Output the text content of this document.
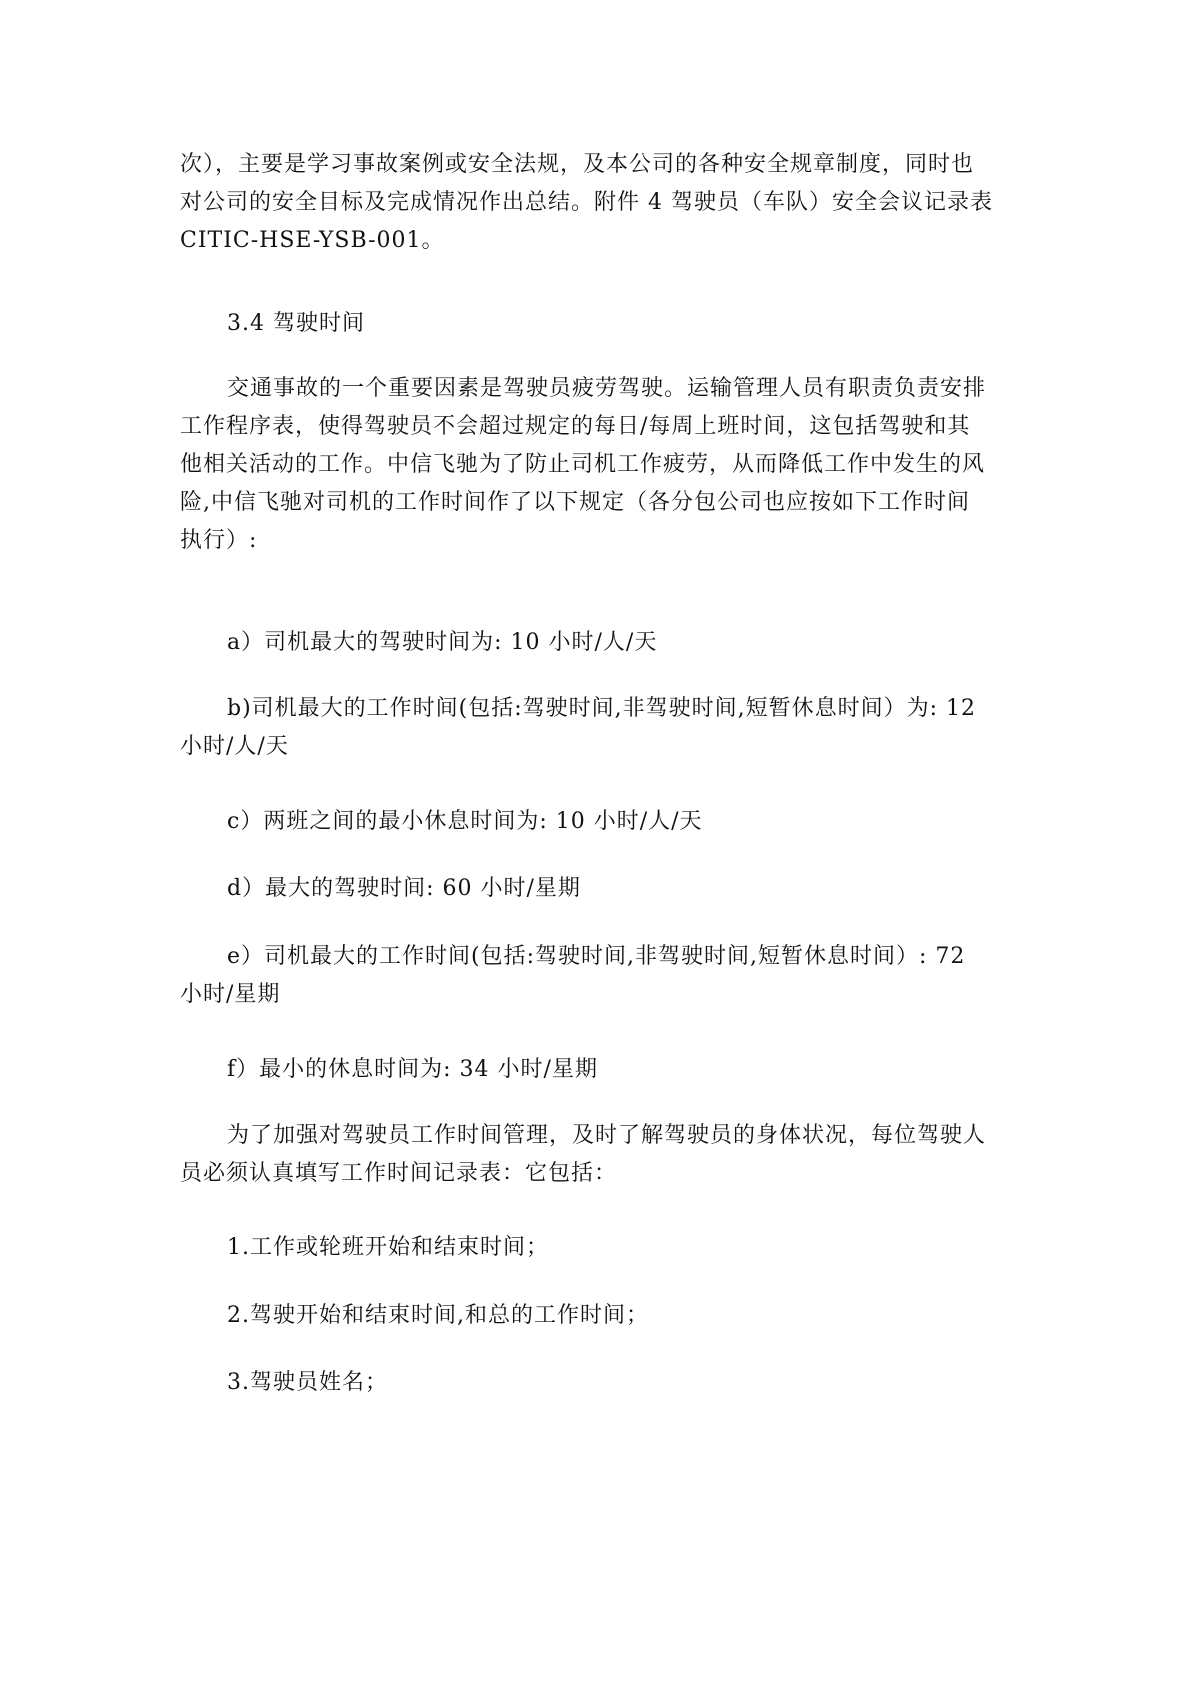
次），主要是学习事故案例或安全法规，及本公司的各种安全规章制度，同时也
对公司的安全目标及完成情况作出总结。附件 4 驾驶员（车队）安全会议记录表
CITIC-HSE-YSB-001。

3.4 驾驶时间

交通事故的一个重要因素是驾驶员疲劳驾驶。运输管理人员有职责负责安排
工作程序表，使得驾驶员不会超过规定的每日/每周上班时间，这包括驾驶和其
他相关活动的工作。中信飞驰为了防止司机工作疲劳，从而降低工作中发生的风
险,中信飞驰对司机的工作时间作了以下规定（各分包公司也应按如下工作时间
执行）:

a）司机最大的驾驶时间为: 10 小时/人/天

b)司机最大的工作时间(包括:驾驶时间,非驾驶时间,短暂休息时间）为: 12
小时/人/天

c）两班之间的最小休息时间为: 10 小时/人/天

d）最大的驾驶时间: 60 小时/星期

e）司机最大的工作时间(包括:驾驶时间,非驾驶时间,短暂休息时间）: 72
小时/星期

f）最小的休息时间为: 34 小时/星期

为了加强对驾驶员工作时间管理，及时了解驾驶员的身体状况，每位驾驶人
员必须认真填写工作时间记录表：它包括：

1.工作或轮班开始和结束时间；

2.驾驶开始和结束时间,和总的工作时间；

3.驾驶员姓名；
